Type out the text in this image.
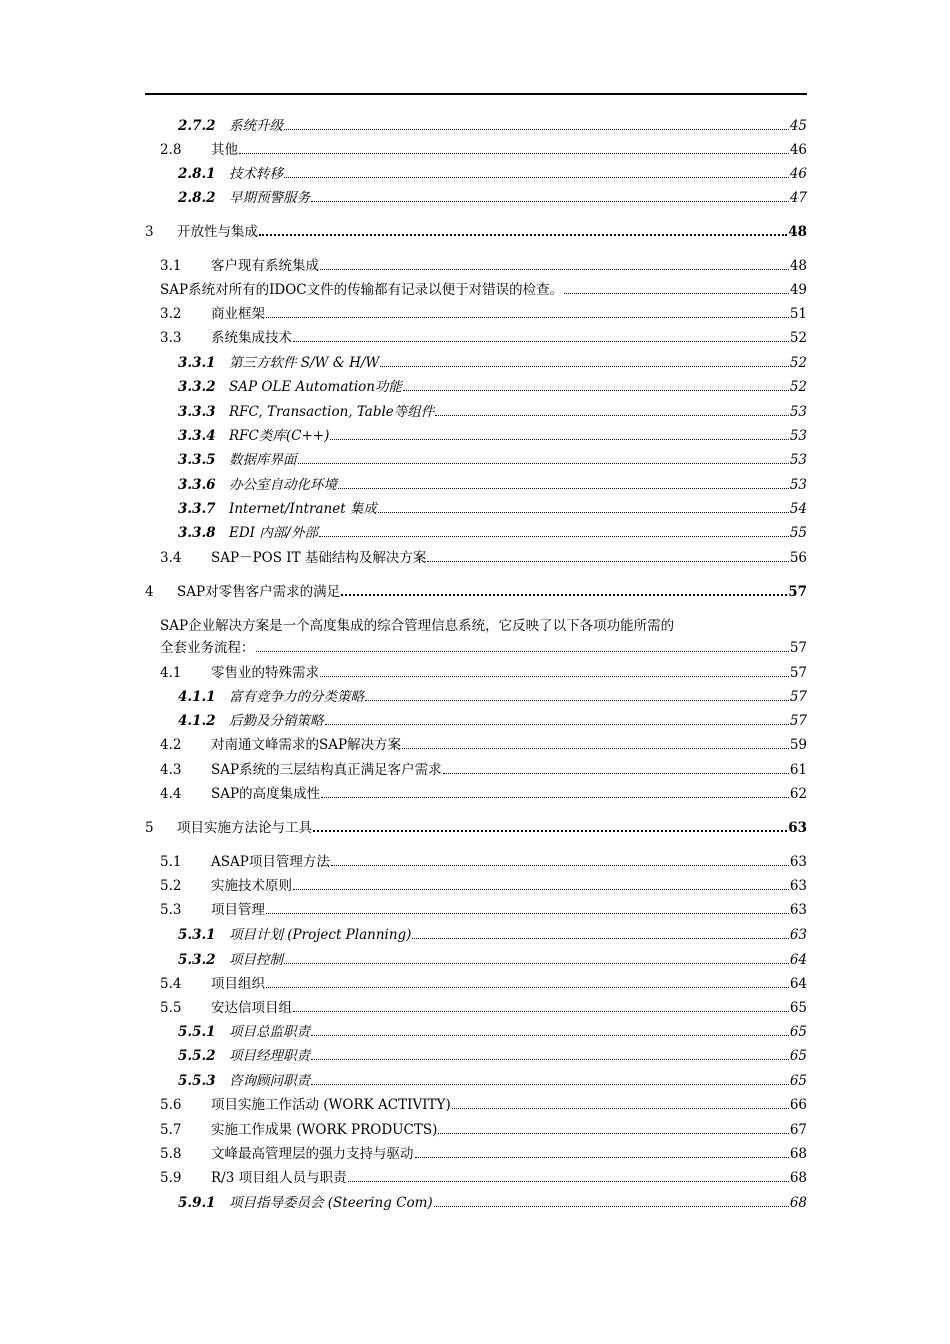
SAP企业解决方案是一个高度集成的综合管理信息系统，它反映了以下各项功能所需的
2.7.2 系统升级	45
2.8	其他	46
2.8.1 技术转移	46
2.8.2 早期预警服务	47
3	开放性与集成	48
3.1	客户现有系统集成	48
SAP系统对所有的IDOC文件的传输都有记录以便于对错误的检查。	49
3.2	商业框架	51
3.3	系统集成技术	52
3.3.1 第三方软件 S/W & H/W	52
3.3.2 SAP OLE Automation功能	52
3.3.3 RFC, Transaction, Table等组件	53
3.3.4 RFC类库(C++)	53
3.3.5 数据库界面	53
3.3.6 办公室自动化环境	53
3.3.7 Internet/Intranet 集成	54
3.3.8 EDI 内部/外部	55
3.4	SAP－POS IT 基础结构及解决方案	56
4	SAP对零售客户需求的满足	57
全套业务流程：	57
4.1	零售业的特殊需求	57
4.1.1 富有竞争力的分类策略	57
4.1.2 后勤及分销策略	57
4.2	对南通文峰需求的SAP解决方案	59
4.3	SAP系统的三层结构真正满足客户需求	61
4.4	SAP的高度集成性	62
5	项目实施方法论与工具	63
5.1	ASAP项目管理方法	63
5.2	实施技术原则	63
5.3	项目管理	63
5.3.1 项目计划 (Project Planning)	63
5.3.2 项目控制	64
5.4	项目组织	64
5.5	安达信项目组	65
5.5.1 项目总监职责	65
5.5.2 项目经理职责	65
5.5.3 咨询顾问职责	65
5.6	项目实施工作活动 (WORK ACTIVITY)	66
5.7	实施工作成果 (WORK PRODUCTS)	67
5.8	文峰最高管理层的强力支持与驱动	68
5.9	R/3 项目组人员与职责	68
5.9.1 项目指导委员会 (Steering Com)	68
